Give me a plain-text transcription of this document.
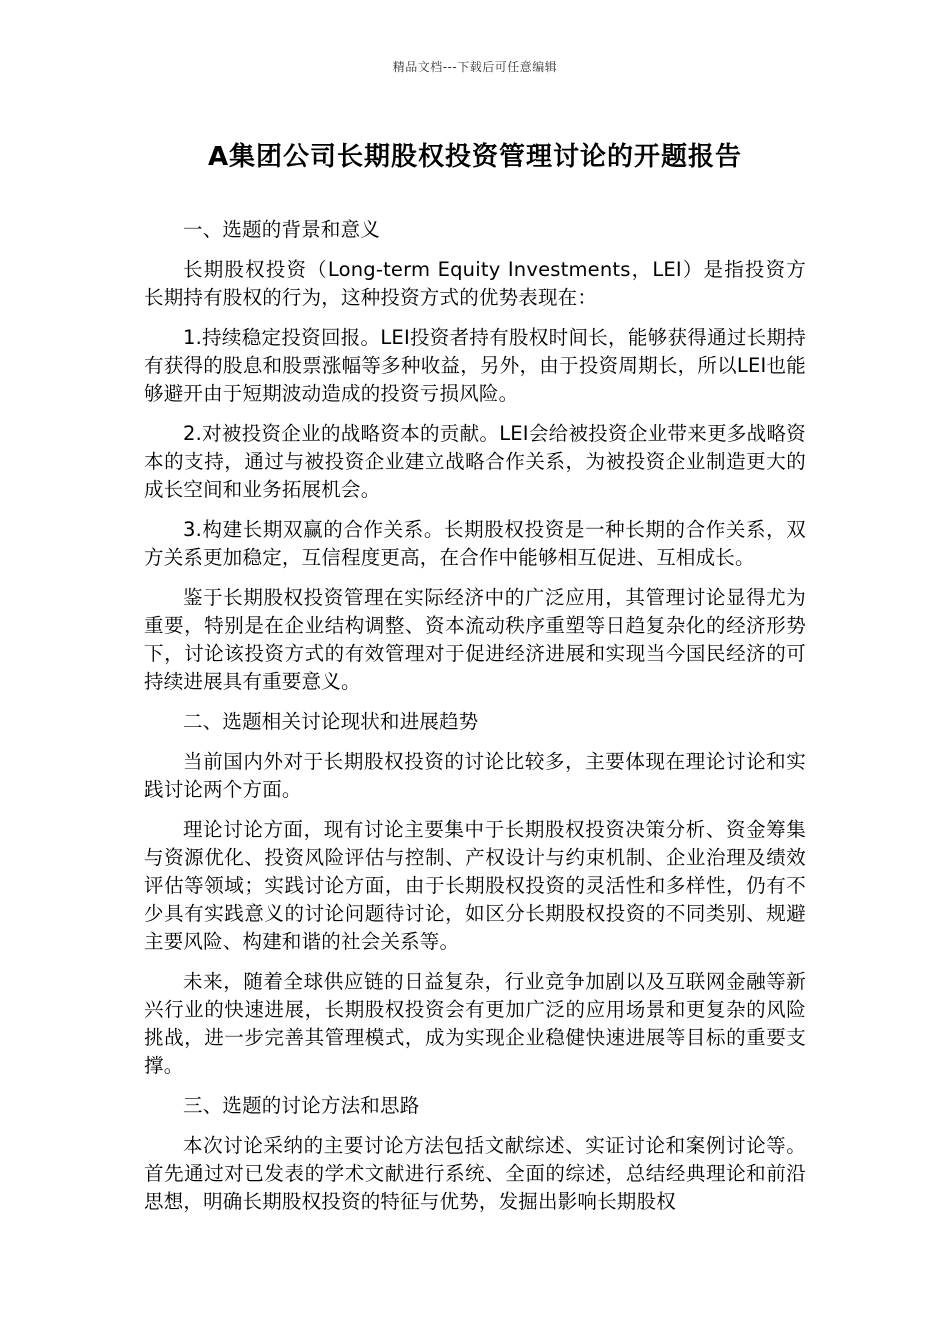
精品文档---下载后可任意编辑
A集团公司长期股权投资管理讨论的开题报告

一、选题的背景和意义

长期股权投资（Long-term Equity Investments，LEI）是指投资方长期持有股权的行为，这种投资方式的优势表现在：

1.持续稳定投资回报。LEI投资者持有股权时间长，能够获得通过长期持有获得的股息和股票涨幅等多种收益，另外，由于投资周期长，所以LEI也能够避开由于短期波动造成的投资亏损风险。

2.对被投资企业的战略资本的贡献。LEI会给被投资企业带来更多战略资本的支持，通过与被投资企业建立战略合作关系，为被投资企业制造更大的成长空间和业务拓展机会。

3.构建长期双赢的合作关系。长期股权投资是一种长期的合作关系，双方关系更加稳定，互信程度更高，在合作中能够相互促进、互相成长。

鉴于长期股权投资管理在实际经济中的广泛应用，其管理讨论显得尤为重要，特别是在企业结构调整、资本流动秩序重塑等日趋复杂化的经济形势下，讨论该投资方式的有效管理对于促进经济进展和实现当今国民经济的可持续进展具有重要意义。

二、选题相关讨论现状和进展趋势

当前国内外对于长期股权投资的讨论比较多，主要体现在理论讨论和实践讨论两个方面。

理论讨论方面，现有讨论主要集中于长期股权投资决策分析、资金筹集与资源优化、投资风险评估与控制、产权设计与约束机制、企业治理及绩效评估等领域；实践讨论方面，由于长期股权投资的灵活性和多样性，仍有不少具有实践意义的讨论问题待讨论，如区分长期股权投资的不同类别、规避主要风险、构建和谐的社会关系等。

未来，随着全球供应链的日益复杂，行业竞争加剧以及互联网金融等新兴行业的快速进展，长期股权投资会有更加广泛的应用场景和更复杂的风险挑战，进一步完善其管理模式，成为实现企业稳健快速进展等目标的重要支撑。

三、选题的讨论方法和思路

本次讨论采纳的主要讨论方法包括文献综述、实证讨论和案例讨论等。首先通过对已发表的学术文献进行系统、全面的综述，总结经典理论和前沿思想，明确长期股权投资的特征与优势，发掘出影响长期股权
